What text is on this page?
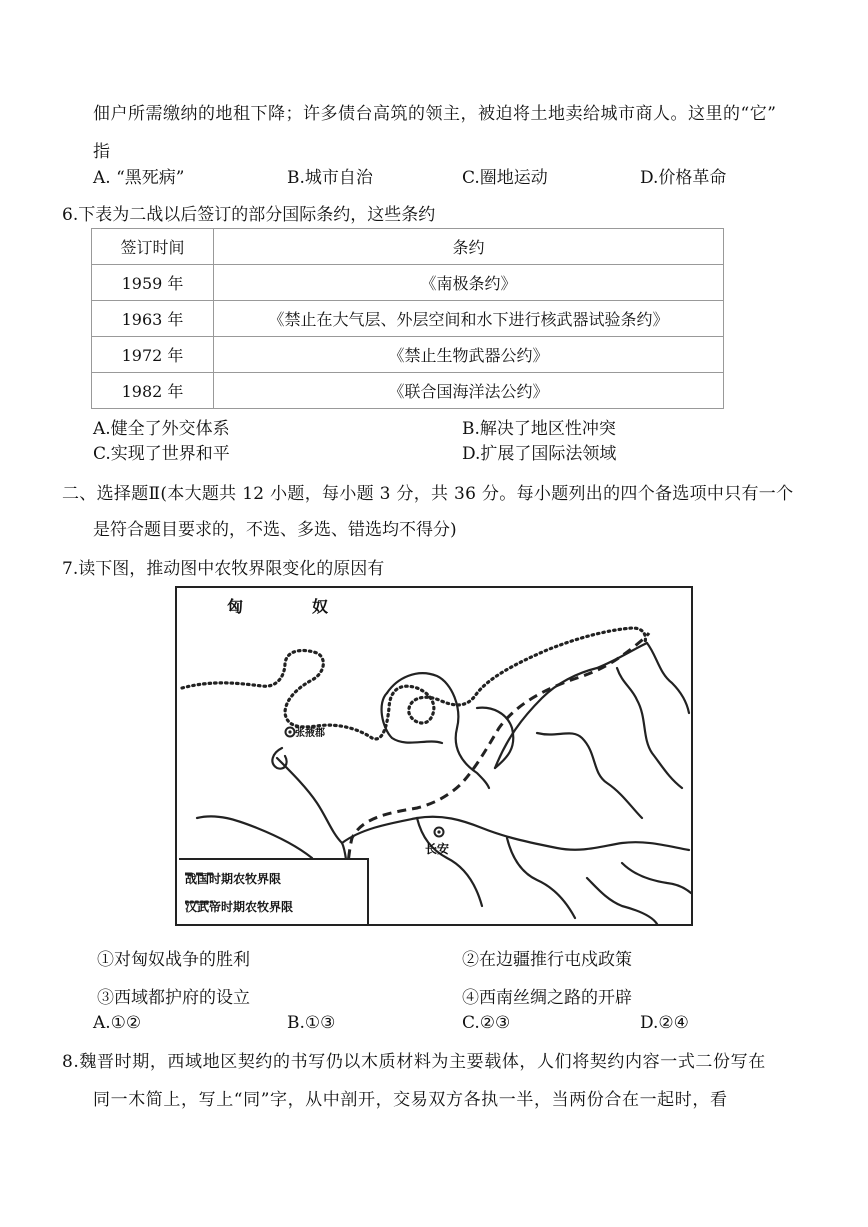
佃户所需缴纳的地租下降；许多债台高筑的领主，被迫将土地卖给城市商人。这里的“它”
指
A. “黑死病”	B.城市自治	C.圈地运动	D.价格革命
6.下表为二战以后签订的部分国际条约，这些条约
签订时间	条约
1959 年	《南极条约》
1963 年	《禁止在大气层、外层空间和水下进行核武器试验条约》
1972 年	《禁止生物武器公约》
1982 年	《联合国海洋法公约》
A.健全了外交体系	B.解决了地区性冲突
C.实现了世界和平	D.扩展了国际法领域
二、选择题Ⅱ(本大题共 12 小题，每小题 3 分，共 36 分。每小题列出的四个备选项中只有一个
是符合题目要求的，不选、多选、错选均不得分)
7.读下图，推动图中农牧界限变化的原因有
匈	奴
张掖郡
长安
战国时期农牧界限
汉武帝时期农牧界限
①对匈奴战争的胜利	②在边疆推行屯戍政策
③西域都护府的设立	④西南丝绸之路的开辟
A.①②	B.①③	C.②③	D.②④
8.魏晋时期，西域地区契约的书写仍以木质材料为主要载体，人们将契约内容一式二份写在
同一木简上，写上“同”字，从中剖开，交易双方各执一半，当两份合在一起时，看
